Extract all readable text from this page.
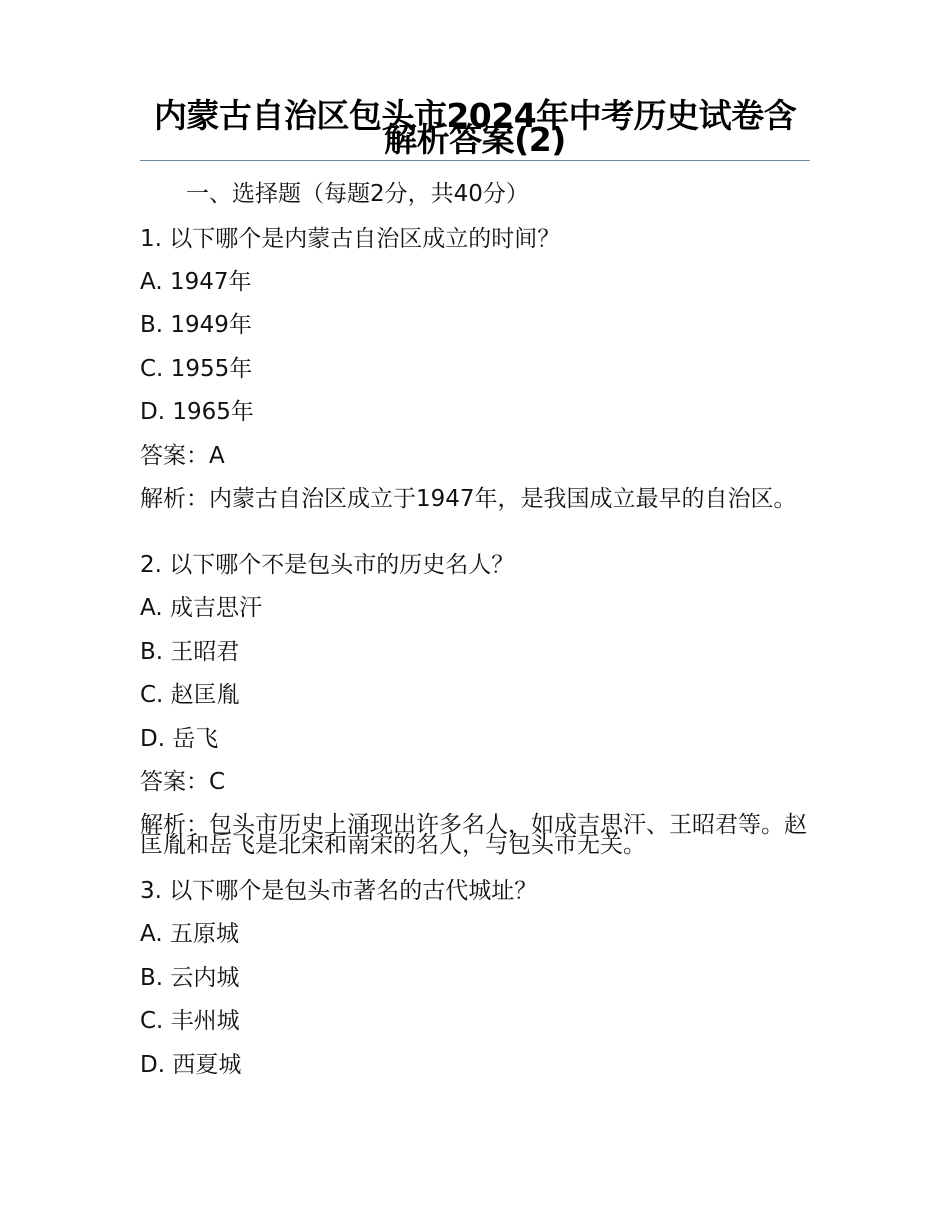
内蒙古自治区包头市2024年中考历史试卷含解析答案(2)

一、选择题（每题2分，共40分）

1. 以下哪个是内蒙古自治区成立的时间？

A. 1947年

B. 1949年

C. 1955年

D. 1965年

答案：A

解析：内蒙古自治区成立于1947年，是我国成立最早的自治区。

2. 以下哪个不是包头市的历史名人？

A. 成吉思汗

B. 王昭君

C. 赵匡胤

D. 岳飞

答案：C

解析：包头市历史上涌现出许多名人，如成吉思汗、王昭君等。赵匡胤和岳飞是北宋和南宋的名人，与包头市无关。

3. 以下哪个是包头市著名的古代城址？

A. 五原城

B. 云内城

C. 丰州城

D. 西夏城
